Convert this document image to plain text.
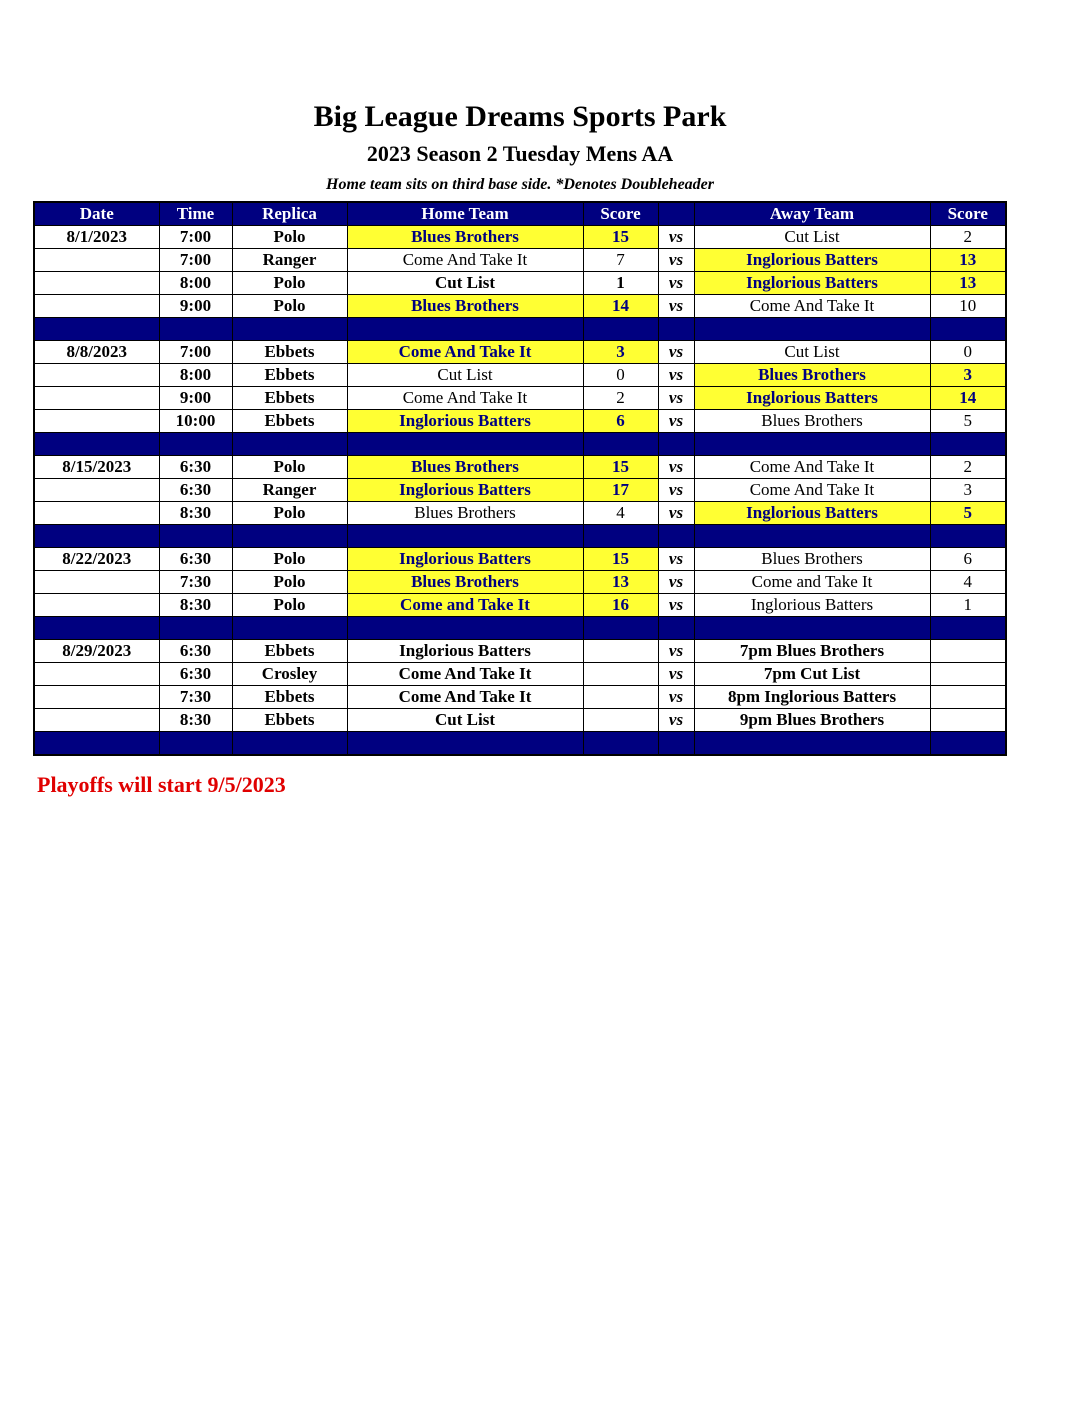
Big League Dreams Sports Park
2023 Season 2 Tuesday Mens AA
Home team sits on third base side. *Denotes Doubleheader
Date	Time	Replica	Home Team	Score		Away Team	Score
8/1/2023	7:00	Polo	Blues Brothers	15	vs	Cut List	2
	7:00	Ranger	Come And Take It	7	vs	Inglorious Batters	13
	8:00	Polo	Cut List	1	vs	Inglorious Batters	13
	9:00	Polo	Blues Brothers	14	vs	Come And Take It	10

8/8/2023	7:00	Ebbets	Come And Take It	3	vs	Cut List	0
	8:00	Ebbets	Cut List	0	vs	Blues Brothers	3
	9:00	Ebbets	Come And Take It	2	vs	Inglorious Batters	14
	10:00	Ebbets	Inglorious Batters	6	vs	Blues Brothers	5

8/15/2023	6:30	Polo	Blues Brothers	15	vs	Come And Take It	2
	6:30	Ranger	Inglorious Batters	17	vs	Come And Take It	3
	8:30	Polo	Blues Brothers	4	vs	Inglorious Batters	5

8/22/2023	6:30	Polo	Inglorious Batters	15	vs	Blues Brothers	6
	7:30	Polo	Blues Brothers	13	vs	Come and Take It	4
	8:30	Polo	Come and Take It	16	vs	Inglorious Batters	1

8/29/2023	6:30	Ebbets	Inglorious Batters		vs	7pm Blues Brothers	
	6:30	Crosley	Come And Take It		vs	7pm Cut List	
	7:30	Ebbets	Come And Take It		vs	8pm Inglorious Batters	
	8:30	Ebbets	Cut List		vs	9pm Blues Brothers	

Playoffs will start 9/5/2023
